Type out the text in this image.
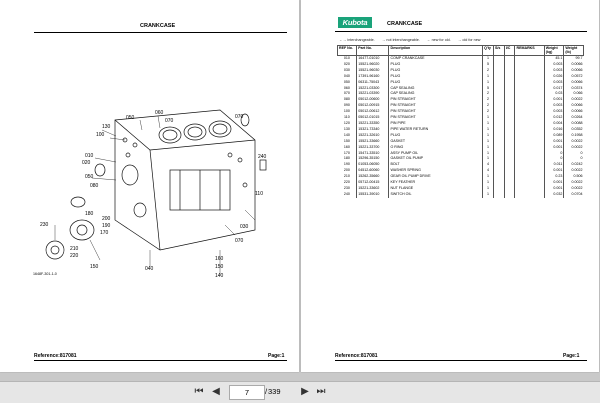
CRANKCASE
050
060
070
130
100
010
020
050
080
070
240
110
030
070
160
150
140
040
150
180
200
190
170
230
210
220
1648F-301-1-0
Reference:817081	Page:1
Kubota	CRANKCASE
←→ interchangeable. → not interchangeable. ← new for old. → old for new
REF No.	Part No.	Description	Q'ty	S/s	I/C	REMARKS	Weight (kg)	Weight (lb)
010	16477-01010	COMP CRANKCASE	1				45.1	99.7
020	15521-96020	PLUG	5				0.003	0.0066
030	15521-96030	PLUG	2				0.003	0.0066
040	17391-96160	PLUG	1				0.026	0.0572
050	06311-75043	PLUG	1				0.003	0.0066
060	15221-03300	CAP SEALING	5				0.017	0.0374
070	15221-03390	CAP SEALING	2				0.03	0.066
080	05012-00600	PIN STRAIGHT	2				0.001	0.0022
090	05012-00915	PIN STRAIGHT	2				0.003	0.0066
100	05012-00612	PIN STRAIGHT	2				0.003	0.0066
110	05012-01015	PIN STRAIGHT	1				0.012	0.0264
120	15221-33350	PIN PIPE	1				0.004	0.0088
130	15321-73340	PIPE WATER RETURN	1				0.016	0.0352
140	15221-32610	PLUG	1				0.089	0.1958
150	15521-33660	GASKET	1				0.001	0.0022
160	15221-33700	O RING	1				0.001	0.0022
170	15471-33510	ASSY PUMP OIL	1				0	0
180	15296-35150	GASKET OIL PUMP	1				0	0
190	01053-06050	BOLT	4				0.011	0.0242
200	04512-60060	WASHER SPRING	4				0.001	0.0022
210	15262-35660	GEAR OIL PUMP DRIVE	1				0.23	0.506
220	05712-00415	KEY FEATHER	1				0.001	0.0022
230	15221-33602	NUT FLANGE	1				0.001	0.0022
240	15531-39010	SWITCH OIL	1				0.032	0.0704
Reference:817081	Page:1
⏮ ◀	7	/ 339 ▶ ⏭
